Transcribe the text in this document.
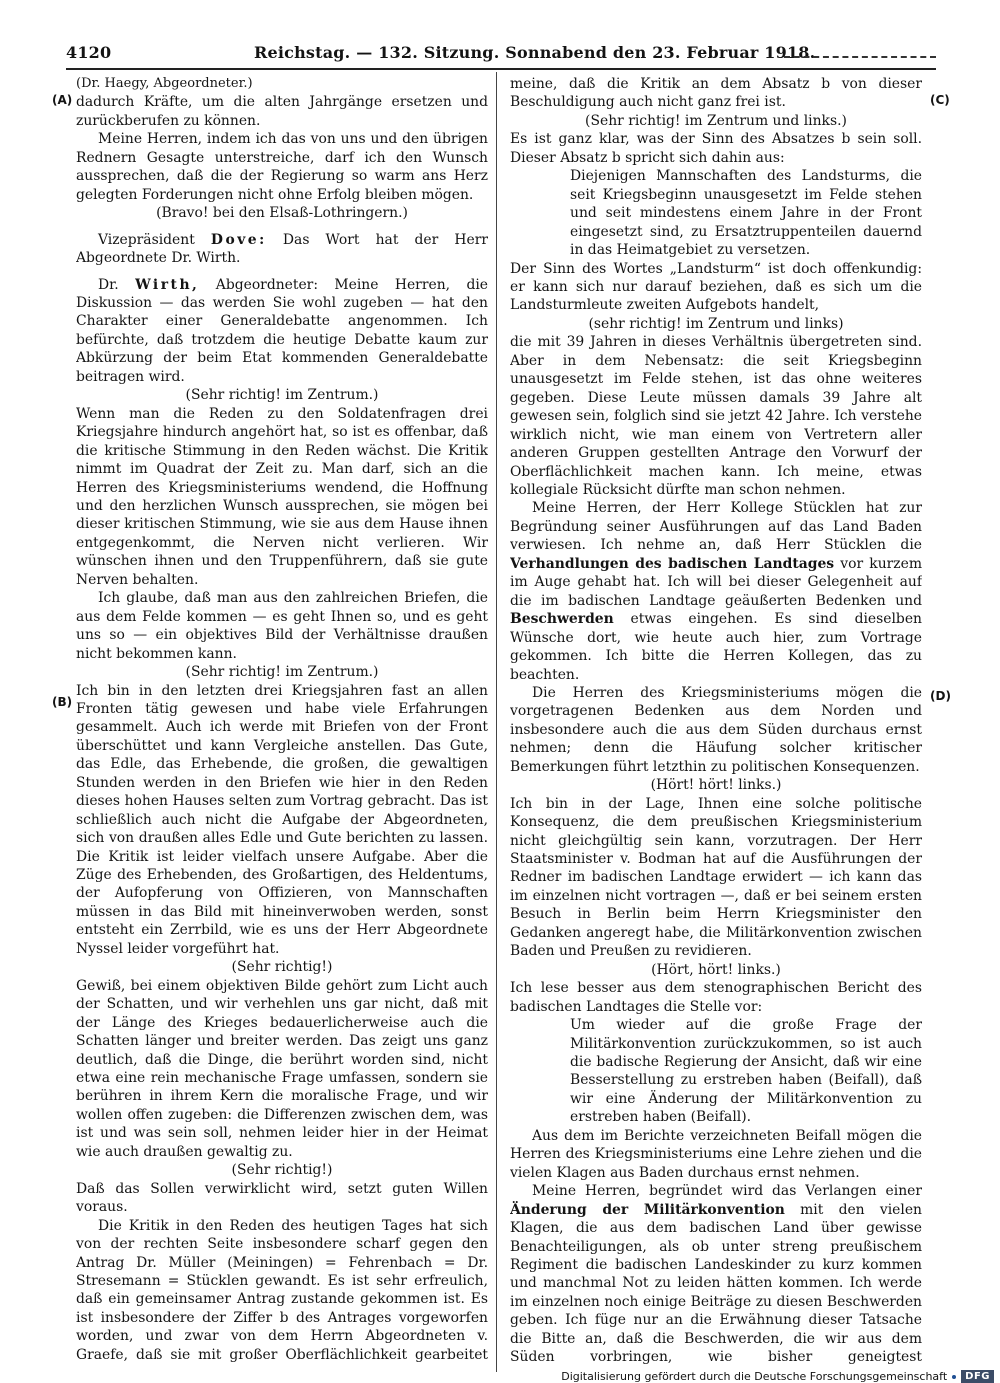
4120	Reichstag. — 132. Sitzung. Sonnabend den 23. Februar 1918.
(A)
(B)
(C)
(D)

(Dr. Haegy, Abgeordneter.)

dadurch Kräfte, um die alten Jahrgänge ersetzen und zurückberufen zu können.

Meine Herren, indem ich das von uns und den übrigen Rednern Gesagte unterstreiche, darf ich den Wunsch aussprechen, daß die der Regierung so warm ans Herz gelegten Forderungen nicht ohne Erfolg bleiben mögen.

(Bravo! bei den Elsaß-Lothringern.)

Vizepräsident Dove: Das Wort hat der Herr Abgeordnete Dr. Wirth.

Dr. Wirth, Abgeordneter: Meine Herren, die Diskussion — das werden Sie wohl zugeben — hat den Charakter einer Generaldebatte angenommen. Ich befürchte, daß trotzdem die heutige Debatte kaum zur Abkürzung der beim Etat kommenden Generaldebatte beitragen wird.

(Sehr richtig! im Zentrum.)

Wenn man die Reden zu den Soldatenfragen drei Kriegsjahre hindurch angehört hat, so ist es offenbar, daß die kritische Stimmung in den Reden wächst. Die Kritik nimmt im Quadrat der Zeit zu. Man darf, sich an die Herren des Kriegsministeriums wendend, die Hoffnung und den herzlichen Wunsch aussprechen, sie mögen bei dieser kritischen Stimmung, wie sie aus dem Hause ihnen entgegenkommt, die Nerven nicht verlieren. Wir wünschen ihnen und den Truppenführern, daß sie gute Nerven behalten.

Ich glaube, daß man aus den zahlreichen Briefen, die aus dem Felde kommen — es geht Ihnen so, und es geht uns so — ein objektives Bild der Verhältnisse draußen nicht bekommen kann.

(Sehr richtig! im Zentrum.)

Ich bin in den letzten drei Kriegsjahren fast an allen Fronten tätig gewesen und habe viele Erfahrungen gesammelt. Auch ich werde mit Briefen von der Front überschüttet und kann Vergleiche anstellen. Das Gute, das Edle, das Erhebende, die großen, die gewaltigen Stunden werden in den Briefen wie hier in den Reden dieses hohen Hauses selten zum Vortrag gebracht. Das ist schließlich auch nicht die Aufgabe der Abgeordneten, sich von draußen alles Edle und Gute berichten zu lassen. Die Kritik ist leider vielfach unsere Aufgabe. Aber die Züge des Erhebenden, des Großartigen, des Heldentums, der Aufopferung von Offizieren, von Mannschaften müssen in das Bild mit hineinverwoben werden, sonst entsteht ein Zerrbild, wie es uns der Herr Abgeordnete Nyssel leider vorgeführt hat.

(Sehr richtig!)

Gewiß, bei einem objektiven Bilde gehört zum Licht auch der Schatten, und wir verhehlen uns gar nicht, daß mit der Länge des Krieges bedauerlicherweise auch die Schatten länger und breiter werden. Das zeigt uns ganz deutlich, daß die Dinge, die berührt worden sind, nicht etwa eine rein mechanische Frage umfassen, sondern sie berühren in ihrem Kern die moralische Frage, und wir wollen offen zugeben: die Differenzen zwischen dem, was ist und was sein soll, nehmen leider hier in der Heimat wie auch draußen gewaltig zu.

(Sehr richtig!)

Daß das Sollen verwirklicht wird, setzt guten Willen voraus.

Die Kritik in den Reden des heutigen Tages hat sich von der rechten Seite insbesondere scharf gegen den Antrag Dr. Müller (Meiningen) = Fehrenbach = Dr. Stresemann = Stücklen gewandt. Es ist sehr erfreulich, daß ein gemeinsamer Antrag zustande gekommen ist. Es ist insbesondere der Ziffer b des Antrages vorgeworfen worden, und zwar von dem Herrn Abgeordneten v. Graefe, daß sie mit großer Oberflächlichkeit gearbeitet

meine, daß die Kritik an dem Absatz b von dieser Beschuldigung auch nicht ganz frei ist.

(Sehr richtig! im Zentrum und links.)

Es ist ganz klar, was der Sinn des Absatzes b sein soll. Dieser Absatz b spricht sich dahin aus:

Diejenigen Mannschaften des Landsturms, die seit Kriegsbeginn unausgesetzt im Felde stehen und seit mindestens einem Jahre in der Front eingesetzt sind, zu Ersatztruppenteilen dauernd in das Heimatgebiet zu versetzen.

Der Sinn des Wortes „Landsturm“ ist doch offenkundig: er kann sich nur darauf beziehen, daß es sich um die Landsturmleute zweiten Aufgebots handelt,

(sehr richtig! im Zentrum und links)

die mit 39 Jahren in dieses Verhältnis übergetreten sind. Aber in dem Nebensatz: die seit Kriegsbeginn unausgesetzt im Felde stehen, ist das ohne weiteres gegeben. Diese Leute müssen damals 39 Jahre alt gewesen sein, folglich sind sie jetzt 42 Jahre. Ich verstehe wirklich nicht, wie man einem von Vertretern aller anderen Gruppen gestellten Antrage den Vorwurf der Oberflächlichkeit machen kann. Ich meine, etwas kollegiale Rücksicht dürfte man schon nehmen.

Meine Herren, der Herr Kollege Stücklen hat zur Begründung seiner Ausführungen auf das Land Baden verwiesen. Ich nehme an, daß Herr Stücklen die Verhandlungen des badischen Landtages vor kurzem im Auge gehabt hat. Ich will bei dieser Gelegenheit auf die im badischen Landtage geäußerten Bedenken und Beschwerden etwas eingehen. Es sind dieselben Wünsche dort, wie heute auch hier, zum Vortrage gekommen. Ich bitte die Herren Kollegen, das zu beachten.

Die Herren des Kriegsministeriums mögen die vorgetragenen Bedenken aus dem Norden und insbesondere auch die aus dem Süden durchaus ernst nehmen; denn die Häufung solcher kritischer Bemerkungen führt letzthin zu politischen Konsequenzen.

(Hört! hört! links.)

Ich bin in der Lage, Ihnen eine solche politische Konsequenz, die dem preußischen Kriegsministerium nicht gleichgültig sein kann, vorzutragen. Der Herr Staatsminister v. Bodman hat auf die Ausführungen der Redner im badischen Landtage erwidert — ich kann das im einzelnen nicht vortragen —, daß er bei seinem ersten Besuch in Berlin beim Herrn Kriegsminister den Gedanken angeregt habe, die Militärkonvention zwischen Baden und Preußen zu revidieren.

(Hört, hört! links.)

Ich lese besser aus dem stenographischen Bericht des badischen Landtages die Stelle vor:

Um wieder auf die große Frage der Militärkonvention zurückzukommen, so ist auch die badische Regierung der Ansicht, daß wir eine Besserstellung zu erstreben haben (Beifall), daß wir eine Änderung der Militärkonvention zu erstreben haben (Beifall).

Aus dem im Berichte verzeichneten Beifall mögen die Herren des Kriegsministeriums eine Lehre ziehen und die vielen Klagen aus Baden durchaus ernst nehmen.

Meine Herren, begründet wird das Verlangen einer Änderung der Militärkonvention mit den vielen Klagen, die aus dem badischen Land über gewisse Benachteiligungen, als ob unter streng preußischem Regiment die badischen Landeskinder zu kurz kommen und manchmal Not zu leiden hätten kommen. Ich werde im einzelnen noch einige Beiträge zu diesen Beschwerden geben. Ich füge nur an die Erwähnung dieser Tatsache die Bitte an, daß die Beschwerden, die wir aus dem Süden vorbringen, wie bisher geneigtest

Digitalisierung gefördert durch die Deutsche Forschungsgemeinschaft	DFG
